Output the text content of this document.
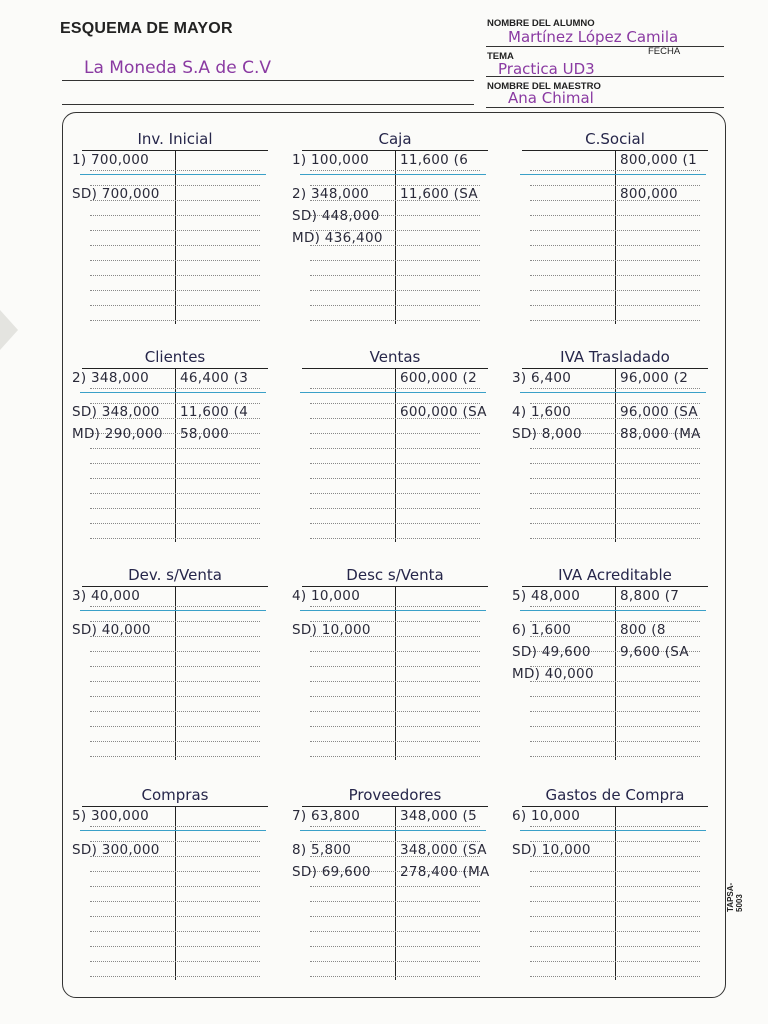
ESQUEMA DE MAYOR
La Moneda S.A de C.V
NOMBRE DEL ALUMNO
Martínez López Camila
TEMA	FECHA
Practica UD3
NOMBRE DEL MAESTRO
Ana Chimal
Inv. Inicial
1) 700,000
SD) 700,000
Caja
1) 100,000
2) 348,000
SD) 448,000
MD) 436,400
11,600 (6
11,600 (SA
C.Social
800,000 (1
800,000
Clientes
2) 348,000
SD) 348,000
MD) 290,000
46,400 (3
11,600 (4
58,000
Ventas
600,000 (2
600,000 (SA
IVA Trasladado
3) 6,400
4) 1,600
SD) 8,000
96,000 (2
96,000 (SA
88,000 (MA
Dev. s/Venta
3) 40,000
SD) 40,000
Desc s/Venta
4) 10,000
SD) 10,000
IVA Acreditable
5) 48,000
6) 1,600
SD) 49,600
MD) 40,000
8,800 (7
800 (8
9,600 (SA
Compras
5) 300,000
SD) 300,000
Proveedores
7) 63,800
8) 5,800
SD) 69,600
348,000 (5
348,000 (SA
278,400 (MA
Gastos de Compra
6) 10,000
SD) 10,000
TAPSA-5003
